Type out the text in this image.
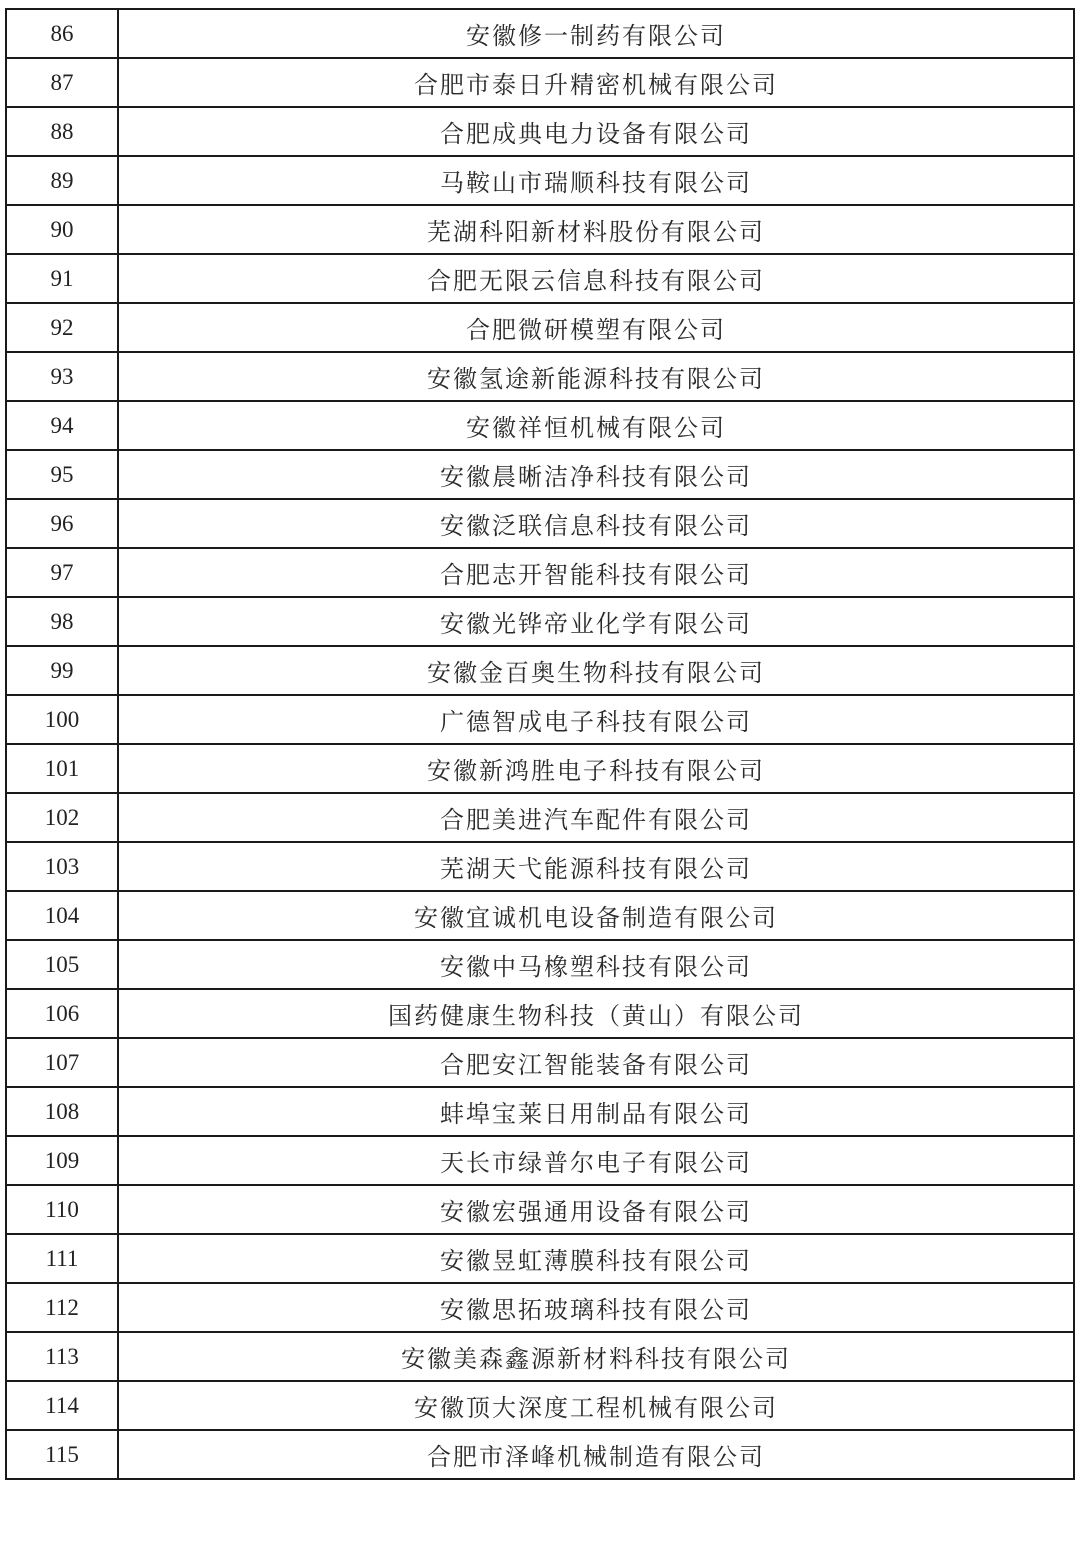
86	安徽修一制药有限公司
87	合肥市泰日升精密机械有限公司
88	合肥成典电力设备有限公司
89	马鞍山市瑞顺科技有限公司
90	芜湖科阳新材料股份有限公司
91	合肥无限云信息科技有限公司
92	合肥微研模塑有限公司
93	安徽氢途新能源科技有限公司
94	安徽祥恒机械有限公司
95	安徽晨晰洁净科技有限公司
96	安徽泛联信息科技有限公司
97	合肥志开智能科技有限公司
98	安徽光铧帝业化学有限公司
99	安徽金百奥生物科技有限公司
100	广德智成电子科技有限公司
101	安徽新鸿胜电子科技有限公司
102	合肥美进汽车配件有限公司
103	芜湖天弋能源科技有限公司
104	安徽宜诚机电设备制造有限公司
105	安徽中马橡塑科技有限公司
106	国药健康生物科技（黄山）有限公司
107	合肥安江智能装备有限公司
108	蚌埠宝莱日用制品有限公司
109	天长市绿普尔电子有限公司
110	安徽宏强通用设备有限公司
111	安徽昱虹薄膜科技有限公司
112	安徽思拓玻璃科技有限公司
113	安徽美森鑫源新材料科技有限公司
114	安徽顶大深度工程机械有限公司
115	合肥市泽峰机械制造有限公司
